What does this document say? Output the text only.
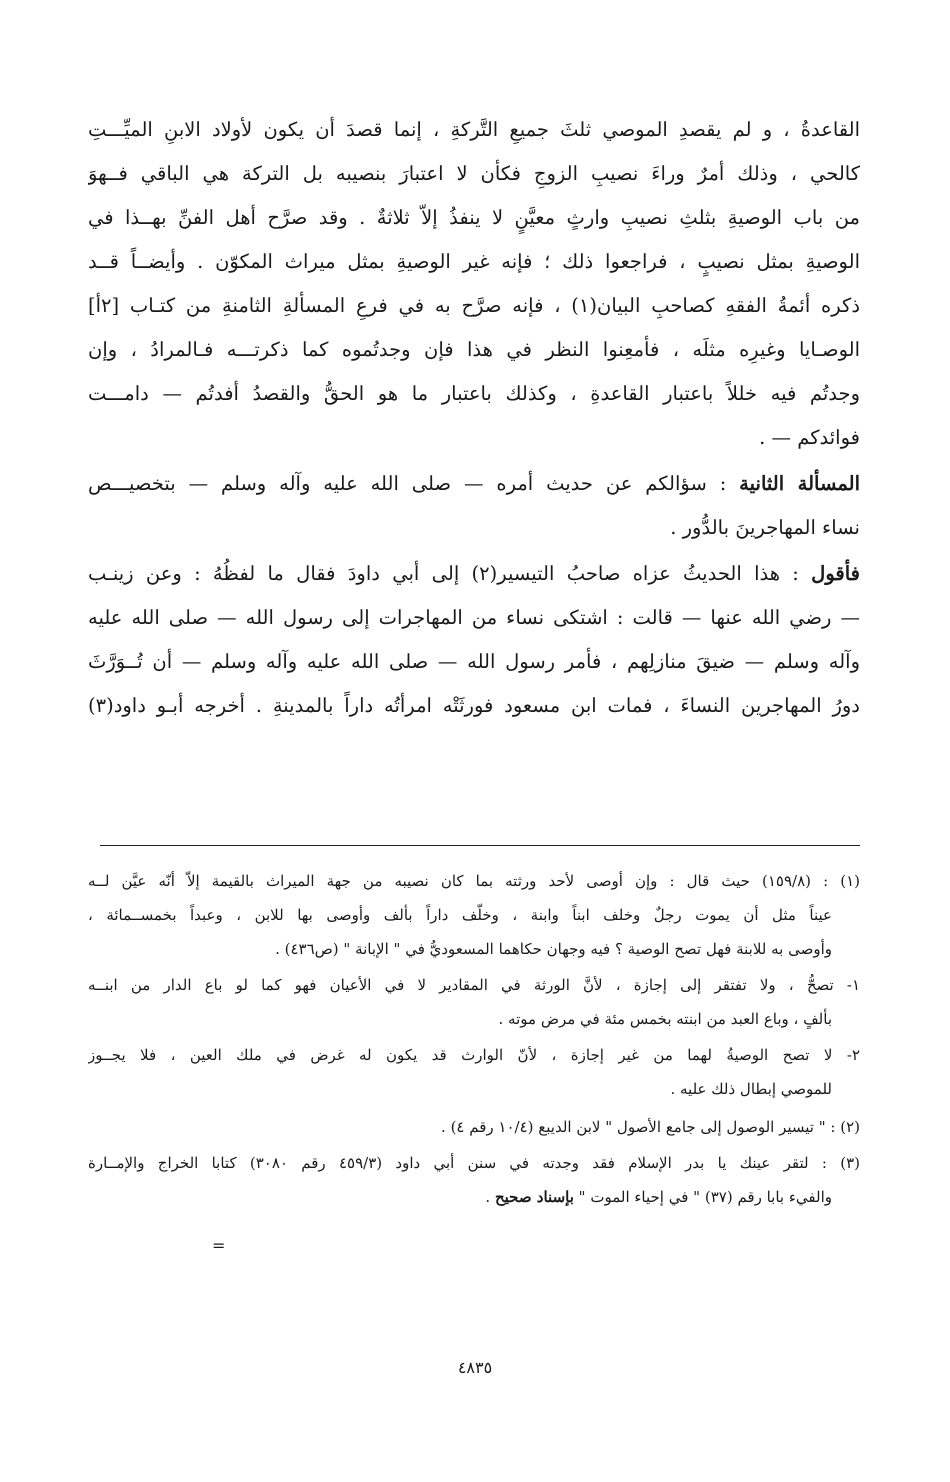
القاعدةُ ، و لم يقصدِ الموصي ثلثَ جميعِ التَّركةِ ، إنما قصدَ أن يكون لأولاد الابنِ الميِّـــتِ
كالحي ، وذلك أمرٌ وراءَ نصيبِ الزوجِ فكأن لا اعتبارَ بنصيبه بل التركة هي الباقي فــهوَ
من باب الوصيةِ بثلثِ نصيبِ وارثٍ معيَّنٍ لا ينفذُ إلاّ ثلاثةٌ . وقد صرَّح أهل الفنِّ بهــذا في
الوصيةِ بمثل نصيبٍ ، فراجعوا ذلك ؛ فإنه غير الوصيةِ بمثل ميراث المكوّن . وأيضــاً قــد
ذكره أئمةُ الفقهِ كصاحبِ البيان(١) ، فإنه صرَّح به في فرعِ المسألةِ الثامنةِ من كتـاب [٢أ]
الوصـايا وغيرِه مثلَه ، فأمعِنوا النظر في هذا فإن وجدتُموه كما ذكرتـــه فـالمرادُ ، وإن
وجدتُم فيه خللاً باعتبار القاعدةِ ، وكذلك باعتبار ما هو الحقُّ والقصدُ أفدتُم — دامـــت
فوائدكم — .
المسألة الثانية : سؤالكم عن حديث أمره — صلى الله عليه وآله وسلم — بتخصيـــص
نساء المهاجرينَ بالدُّور .
فأقول : هذا الحديثُ عزاه صاحبُ التيسير(٢) إلى أبي داودَ فقال ما لفظُهُ : وعن زينـب
— رضي الله عنها — قالت : اشتكى نساء من المهاجرات إلى رسول الله — صلى الله عليه
وآله وسلم — ضيقَ منازلِهم ، فأمر رسول الله — صلى الله عليه وآله وسلم — أن تُــوَرَّثَ
دورُ المهاجرين النساءَ ، فمات ابن مسعود فورثَتْه امرأتُه داراً بالمدينةِ . أخرجه أبـو داود(٣)
(١) : (١٥٩/٨) حيث قال : وإن أوصى لأحد ورثته بما كان نصيبه من جهة الميراث بالقيمة إلاّ أنّه عيَّن لــه
عيناً مثل أن يموت رجلٌ وخلف ابناً وابنة ، وخلّف داراً بألف وأوصى بها للابن ، وعبداً بخمســمائة ،
وأوصى به للابنة فهل تصح الوصية ؟ فيه وجهان حكاهما المسعوديُّ في " الإبانة " (ص٤٣٦) .
١- تصحُّ ، ولا تفتقر إلى إجازة ، لأنَّ الورثة في المقادير لا في الأعيان فهو كما لو باع الدار من ابنــه
بألفٍ ، وباع العبد من ابنته بخمس مئة في مرض موته .
٢- لا تصح الوصيةُ لهما من غير إجازة ، لأنّ الوارث قد يكون له غرض في ملك العين ، فلا يجــوز
للموصي إبطال ذلك عليه .
(٢) : " تيسير الوصول إلى جامع الأصول " لابن الديبع (١٠/٤ رقم ٤) .
(٣) : لتقر عينك يا بدر الإسلام فقد وجدته في سنن أبي داود (٤٥٩/٣ رقم ٣٠٨٠) كتابا الخراج والإمــارة
والفيء بابا رقم (٣٧) " في إحياء الموت " بإسناد صحيح .
=
٤٨٣٥
